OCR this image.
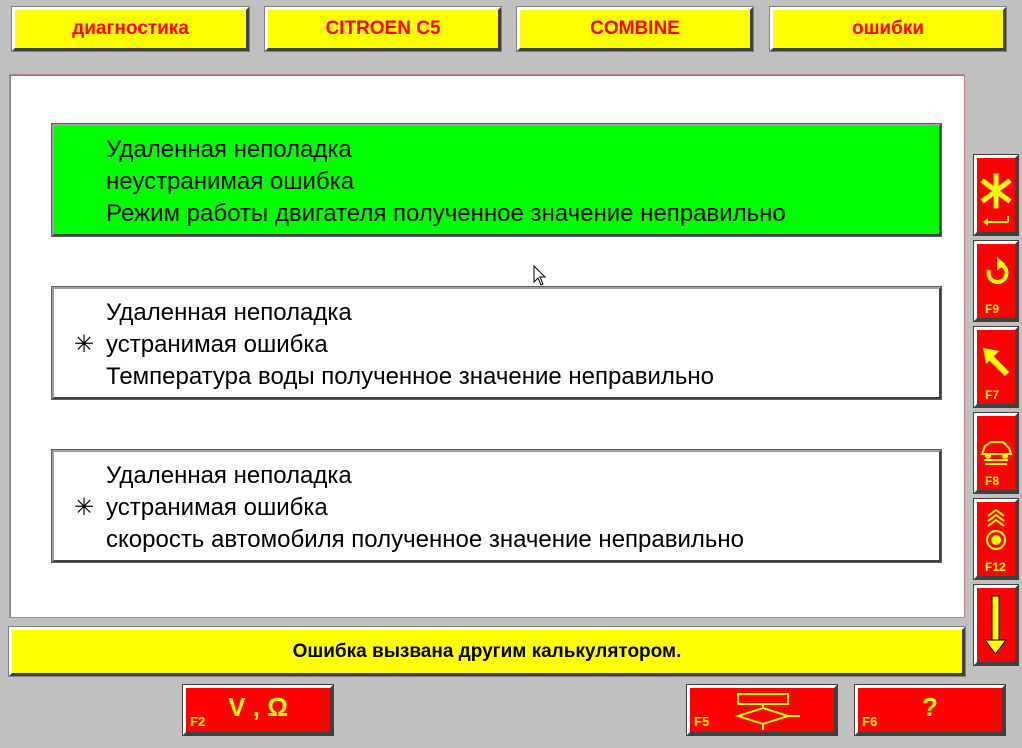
диагностика	CITROEN C5	COMBINE	ошибки
Удаленная неполадка
неустранимая ошибка
Режим работы двигателя полученное значение неправильно
✳
Удаленная неполадка
устранимая ошибка
Температура воды полученное значение неправильно
✳
Удаленная неполадка
устранимая ошибка
скорость автомобиля полученное значение неправильно
Ошибка вызвана другим калькулятором.
F9
F7
F8
F12
V , Ω
F2	F5	?
F6
